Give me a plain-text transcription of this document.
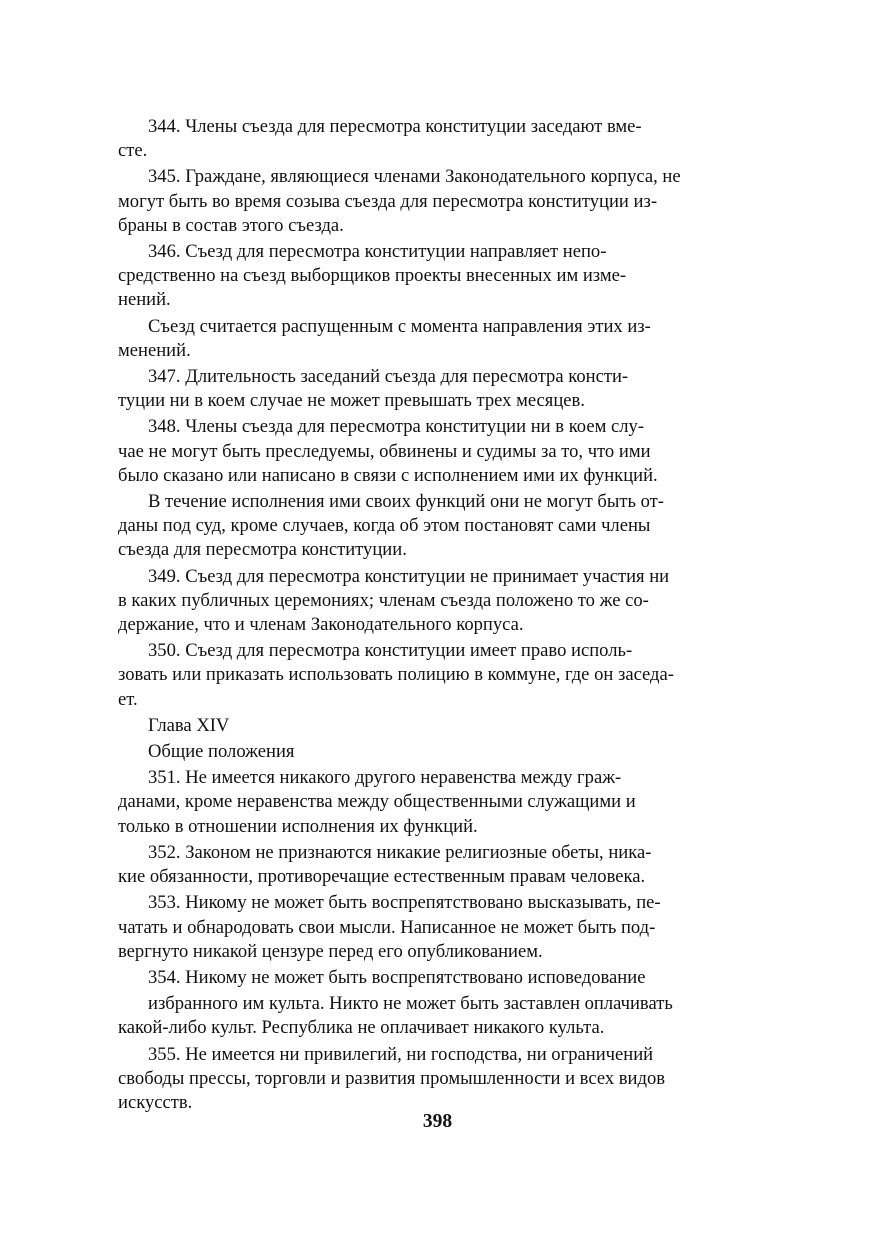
344. Члены съезда для пересмотра конституции заседают вме-
сте.
345. Граждане, являющиеся членами Законодательного корпуса, не
могут быть во время созыва съезда для пересмотра конституции из-
браны в состав этого съезда.
346. Съезд для пересмотра конституции направляет непо-
средственно на съезд выборщиков проекты внесенных им изме-
нений.
Съезд считается распущенным с момента направления этих из-
менений.
347. Длительность заседаний съезда для пересмотра консти-
туции ни в коем случае не может превышать трех месяцев.
348. Члены съезда для пересмотра конституции ни в коем слу-
чае не могут быть преследуемы, обвинены и судимы за то, что ими
было сказано или написано в связи с исполнением ими их функций.
В течение исполнения ими своих функций они не могут быть от-
даны под суд, кроме случаев, когда об этом постановят сами члены
съезда для пересмотра конституции.
349. Съезд для пересмотра конституции не принимает участия ни
в каких публичных церемониях; членам съезда положено то же со-
держание, что и членам Законодательного корпуса.
350. Съезд для пересмотра конституции имеет право исполь-
зовать или приказать использовать полицию в коммуне, где он заседа-
ет.
Глава XIV
Общие положения
351. Не имеется никакого другого неравенства между граж-
данами, кроме неравенства между общественными служащими и
только в отношении исполнения их функций.
352. Законом не признаются никакие религиозные обеты, ника-
кие обязанности, противоречащие естественным правам человека.
353. Никому не может быть воспрепятствовано высказывать, пе-
чатать и обнародовать свои мысли. Написанное не может быть под-
вергнуто никакой цензуре перед его опубликованием.
354. Никому не может быть воспрепятствовано исповедование
избранного им культа. Никто не может быть заставлен оплачивать
какой-либо культ. Республика не оплачивает никакого культа.
355. Не имеется ни привилегий, ни господства, ни ограничений
свободы прессы, торговли и развития промышленности и всех видов
искусств.
398
